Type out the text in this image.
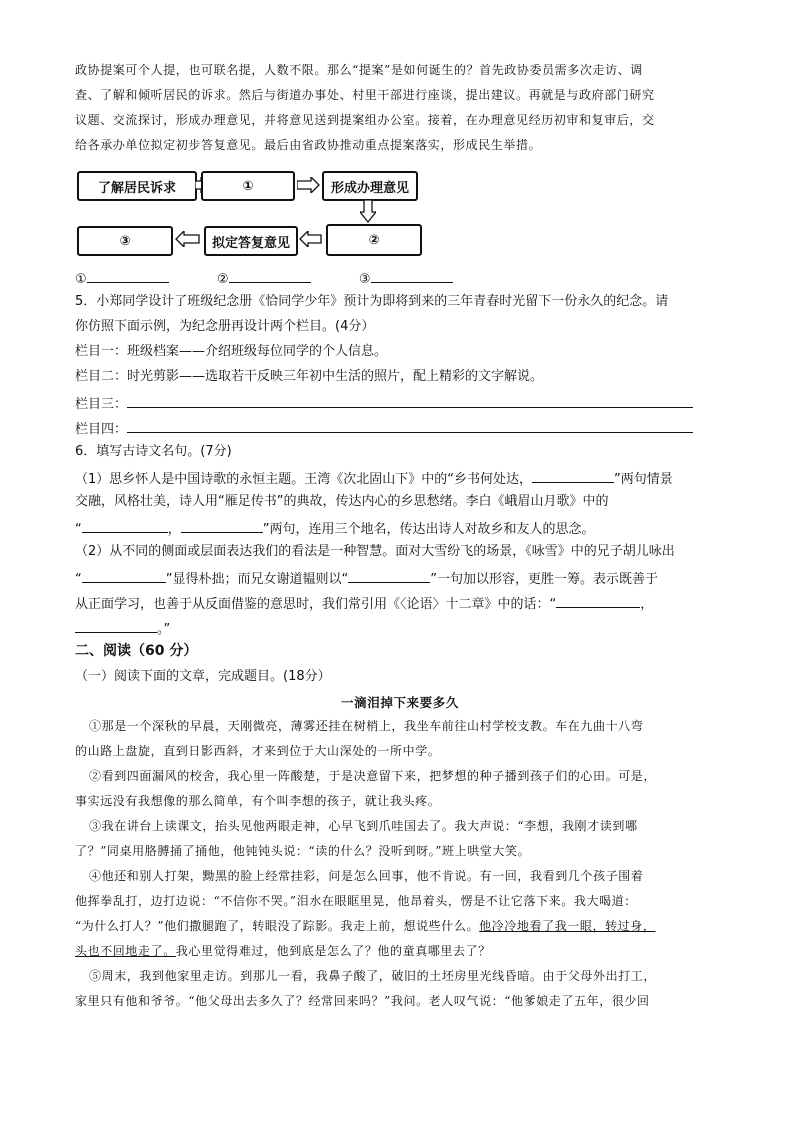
政协提案可个人提，也可联名提，人数不限。那么“提案”是如何诞生的？首先政协委员需多次走访、调
查、了解和倾听居民的诉求。然后与街道办事处、村里干部进行座谈，提出建议。再就是与政府部门研究
议题、交流探讨，形成办理意见，并将意见送到提案组办公室。接着，在办理意见经历初审和复审后，交
给各承办单位拟定初步答复意见。最后由省政协推动重点提案落实，形成民生举措。
了解居民诉求	①	形成办理意见
②
拟定答复意见
③
①	②	③
5．小郑同学设计了班级纪念册《恰同学少年》预计为即将到来的三年青春时光留下一份永久的纪念。请
你仿照下面示例，为纪念册再设计两个栏目。(4分）
栏目一：班级档案——介绍班级每位同学的个人信息。
栏目二：时光剪影——选取若干反映三年初中生活的照片，配上精彩的文字解说。
栏目三：
栏目四：
6．填写古诗文名句。(7分)
（1）思乡怀人是中国诗歌的永恒主题。王湾《次北固山下》中的“乡书何处达，	”两句情景
交融，风格壮美，诗人用“雁足传书”的典故，传达内心的乡思愁绪。李白《峨眉山月歌》中的
“	，	”两句，连用三个地名，传达出诗人对故乡和友人的思念。
（2）从不同的侧面或层面表达我们的看法是一种智慧。面对大雪纷飞的场景，《咏雪》中的兄子胡儿咏出
“	”显得朴拙；而兄女谢道韫则以“	”一句加以形容，更胜一筹。表示既善于
从正面学习，也善于从反面借鉴的意思时，我们常引用《〈论语〉十二章》中的话：“	，
。”
二、阅读（60 分）
（一）阅读下面的文章，完成题目。(18分）
一滴泪掉下来要多久
①那是一个深秋的早晨，天刚微亮，薄雾还挂在树梢上，我坐车前往山村学校支教。车在九曲十八弯
的山路上盘旋，直到日影西斜，才来到位于大山深处的一所中学。
②看到四面漏风的校舍，我心里一阵酸楚，于是决意留下来，把梦想的种子播到孩子们的心田。可是，
事实远没有我想像的那么简单，有个叫李想的孩子，就让我头疼。
③我在讲台上读课文，抬头见他两眼走神，心早飞到爪哇国去了。我大声说：“李想，我刚才读到哪
了？”同桌用胳膊捅了捅他，他钝钝头说：“读的什么？没听到呀。”班上哄堂大笑。
④他还和别人打架，黝黑的脸上经常挂彩，问是怎么回事，他不肯说。有一回，我看到几个孩子围着
他挥拳乱打，边打边说：“不信你不哭。”泪水在眼眶里晃，他昂着头，愣是不让它落下来。我大喝道：
“为什么打人？”他们撒腿跑了，转眼没了踪影。我走上前，想说些什么。他冷冷地看了我一眼，转过身，
头也不回地走了。我心里觉得难过，他到底是怎么了？他的童真哪里去了？
⑤周末，我到他家里走访。到那儿一看，我鼻子酸了，破旧的土坯房里光线昏暗。由于父母外出打工，
家里只有他和爷爷。“他父母出去多久了？经常回来吗？”我问。老人叹气说：“他爹娘走了五年，很少回
